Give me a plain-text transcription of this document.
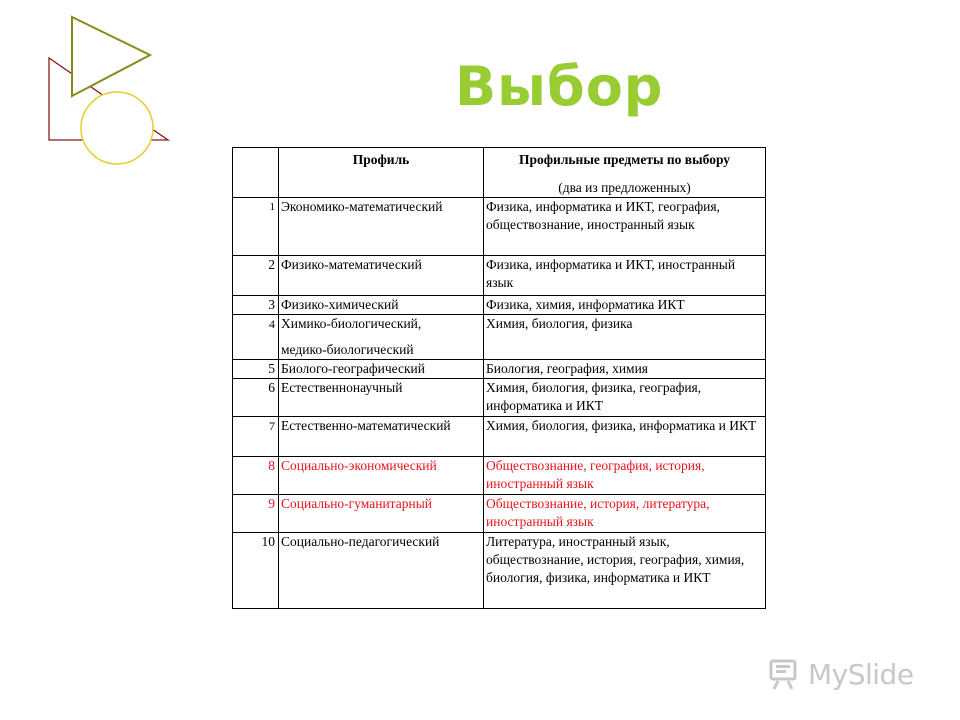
Выбор
	Профиль	Профильные предметы по выбору
(два из предложенных)

1	Экономико-математический	Физика, информатика и ИКТ, география, обществознание, иностранный язык
2	Физико-математический	Физика, информатика и ИКТ, иностранный язык
3	Физико-химический	Физика, химия, информатика ИКТ
4	Химико-биологический,
медико-биологический	Химия, биология, физика
5	Биолого-географический	Биология, география, химия
6	Естественнонаучный	Химия, биология, физика, география, информатика и ИКТ
7	Естественно-математический	Химия, биология, физика, информатика и ИКТ
8	Социально-экономический	Обществознание, география, история, иностранный язык
9	Социально-гуманитарный	Обществознание, история, литература, иностранный язык
10	Социально-педагогический	Литература, иностранный язык, обществознание, история, география, химия, биология, физика, информатика и ИКТ
MySlide
